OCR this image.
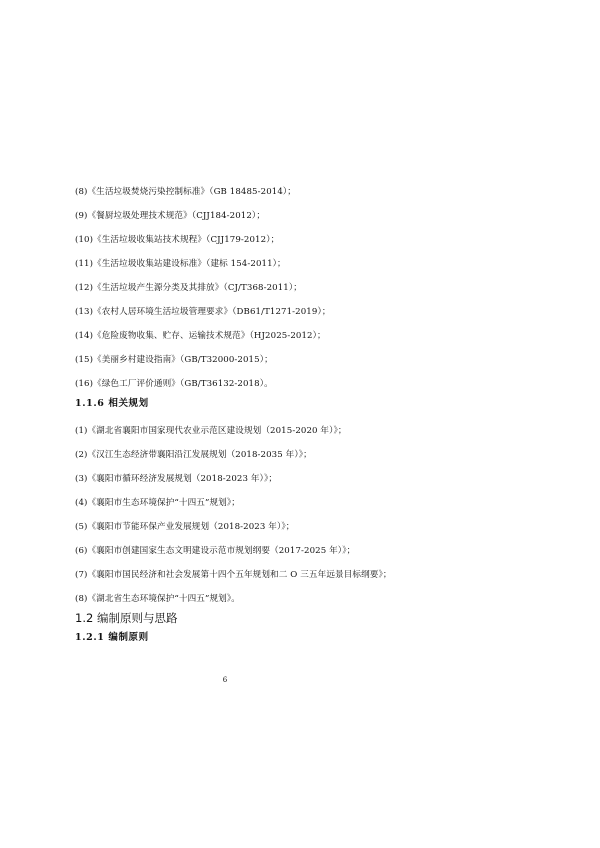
(8)《生活垃圾焚烧污染控制标准》（GB 18485-2014）；
(9)《餐厨垃圾处理技术规范》（CJJ184-2012）；
(10)《生活垃圾收集站技术规程》（CJJ179-2012）；
(11)《生活垃圾收集站建设标准》（建标 154-2011）；
(12)《生活垃圾产生源分类及其排放》（CJ/T368-2011）；
(13)《农村人居环境生活垃圾管理要求》（DB61/T1271-2019）；
(14)《危险废物收集、贮存、运输技术规范》（HJ2025-2012）；
(15)《美丽乡村建设指南》（GB/T32000-2015）；
(16)《绿色工厂评价通则》（GB/T36132-2018）。
1.1.6 相关规划
(1)《湖北省襄阳市国家现代农业示范区建设规划（2015-2020 年）》；
(2)《汉江生态经济带襄阳沿江发展规划（2018-2035 年）》；
(3)《襄阳市循环经济发展规划（2018-2023 年）》；
(4)《襄阳市生态环境保护“十四五”规划》；
(5)《襄阳市节能环保产业发展规划（2018-2023 年）》；
(6)《襄阳市创建国家生态文明建设示范市规划纲要（2017-2025 年）》；
(7)《襄阳市国民经济和社会发展第十四个五年规划和二 O 三五年远景目标纲要》；
(8)《湖北省生态环境保护“十四五”规划》。
1.2 编制原则与思路
1.2.1 编制原则
6
